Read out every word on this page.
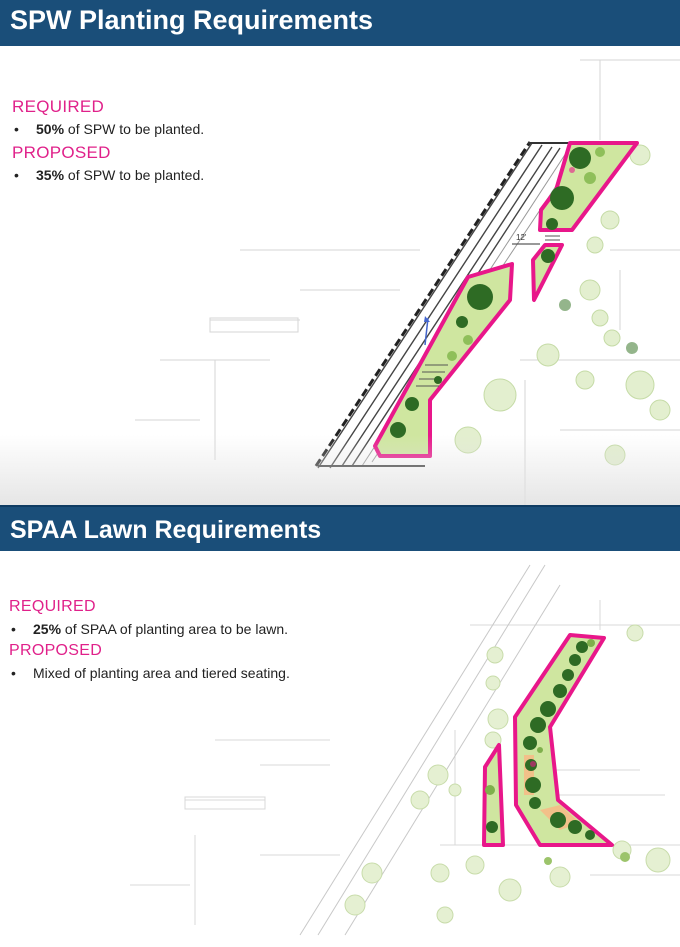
12'
SPW Planting Requirements
REQUIRED
• 50% of SPW to be planted.
PROPOSED
• 35% of SPW to be planted.
SPAA Lawn Requirements
REQUIRED
• 25% of SPAA of planting area to be lawn.
PROPOSED
• Mixed of planting area and tiered seating.
